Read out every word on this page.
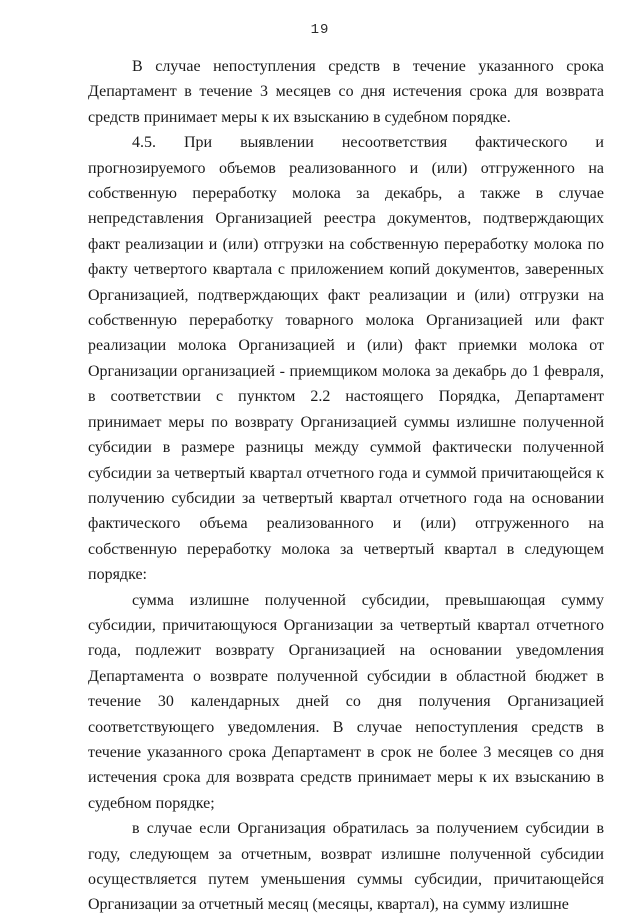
19

В случае непоступления средств в течение указанного срока Департамент в течение 3 месяцев со дня истечения срока для возврата средств принимает меры к их взысканию в судебном порядке.

4.5. При выявлении несоответствия фактического и прогнозируемого объемов реализованного и (или) отгруженного на собственную переработку молока за декабрь, а также в случае непредставления Организацией реестра документов, подтверждающих факт реализации и (или) отгрузки на собственную переработку молока по факту четвертого квартала с приложением копий документов, заверенных Организацией, подтверждающих факт реализации и (или) отгрузки на собственную переработку товарного молока Организацией или факт реализации молока Организацией и (или) факт приемки молока от Организации организацией - приемщиком молока за декабрь до 1 февраля, в соответствии с пунктом 2.2 настоящего Порядка, Департамент принимает меры по возврату Организацией суммы излишне полученной субсидии в размере разницы между суммой фактически полученной субсидии за четвертый квартал отчетного года и суммой причитающейся к получению субсидии за четвертый квартал отчетного года на основании фактического объема реализованного и (или) отгруженного на собственную переработку молока за четвертый квартал в следующем порядке:

сумма излишне полученной субсидии, превышающая сумму субсидии, причитающуюся Организации за четвертый квартал отчетного года, подлежит возврату Организацией на основании уведомления Департамента о возврате полученной субсидии в областной бюджет в течение 30 календарных дней со дня получения Организацией соответствующего уведомления. В случае непоступления средств в течение указанного срока Департамент в срок не более 3 месяцев со дня истечения срока для возврата средств принимает меры к их взысканию в судебном порядке;

в случае если Организация обратилась за получением субсидии в году, следующем за отчетным, возврат излишне полученной субсидии осуществляется путем уменьшения суммы субсидии, причитающейся Организации за отчетный месяц (месяцы, квартал), на сумму излишне
